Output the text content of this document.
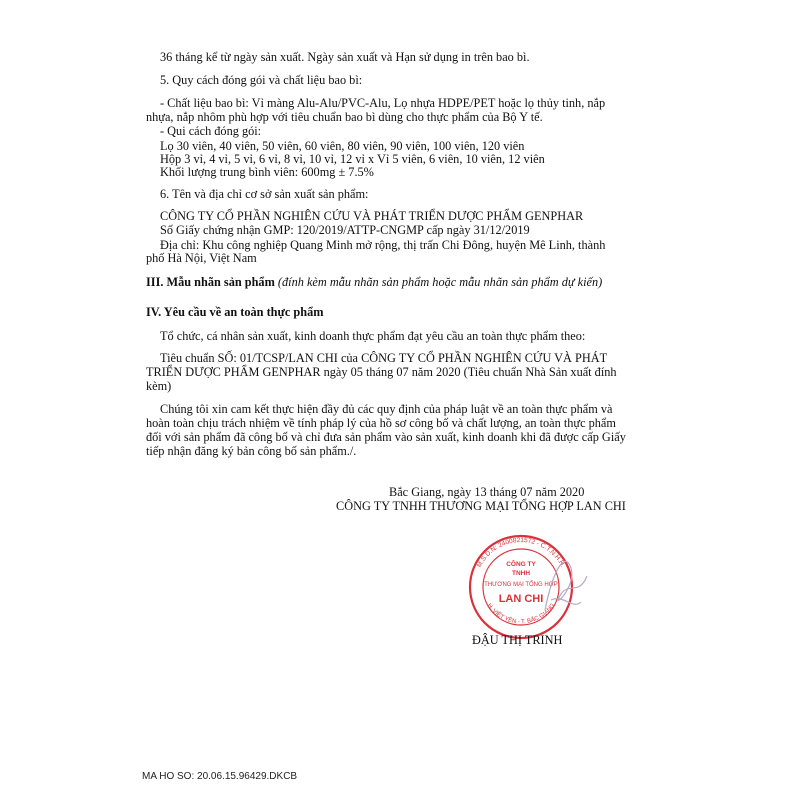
36 tháng kể từ ngày sản xuất. Ngày sản xuất và Hạn sử dụng in trên bao bì.
5. Quy cách đóng gói và chất liệu bao bì:
- Chất liệu bao bì: Vỉ màng Alu-Alu/PVC-Alu, Lọ nhựa HDPE/PET hoặc lọ thủy tinh, nắp
nhựa, nắp nhôm phù hợp với tiêu chuẩn bao bì dùng cho thực phẩm của Bộ Y tế.
- Qui cách đóng gói:
Lọ 30 viên, 40 viên, 50 viên, 60 viên, 80 viên, 90 viên, 100 viên, 120 viên
Hộp 3 vỉ, 4 vỉ, 5 vỉ, 6 vỉ, 8 vỉ, 10 vỉ, 12 vỉ x Vỉ 5 viên, 6 viên, 10 viên, 12 viên
Khối lượng trung bình viên: 600mg ± 7.5%
6. Tên và địa chỉ cơ sở sản xuất sản phẩm:
CÔNG TY CỔ PHẦN NGHIÊN CỨU VÀ PHÁT TRIỂN DƯỢC PHẨM GENPHAR
Số Giấy chứng nhận GMP: 120/2019/ATTP-CNGMP cấp ngày 31/12/2019
Địa chỉ: Khu công nghiệp Quang Minh mở rộng, thị trấn Chi Đông, huyện Mê Linh, thành
phố Hà Nội, Việt Nam
III. Mẫu nhãn sản phẩm (đính kèm mẫu nhãn sản phẩm hoặc mẫu nhãn sản phẩm dự kiến)
IV. Yêu cầu về an toàn thực phẩm
Tổ chức, cá nhân sản xuất, kinh doanh thực phẩm đạt yêu cầu an toàn thực phẩm theo:
Tiêu chuẩn SỐ: 01/TCSP/LAN CHI của CÔNG TY CỔ PHẦN NGHIÊN CỨU VÀ PHÁT
TRIỂN DƯỢC PHẨM GENPHAR ngày 05 tháng 07 năm 2020 (Tiêu chuẩn Nhà Sản xuất đính
kèm)
Chúng tôi xin cam kết thực hiện đầy đủ các quy định của pháp luật về an toàn thực phẩm và
hoàn toàn chịu trách nhiệm về tính pháp lý của hồ sơ công bố và chất lượng, an toàn thực phẩm
đối với sản phẩm đã công bố và chỉ đưa sản phẩm vào sản xuất, kinh doanh khi đã được cấp Giấy
tiếp nhận đăng ký bản công bố sản phẩm./.
Bắc Giang, ngày 13 tháng 07 năm 2020
CÔNG TY TNHH THƯƠNG MẠI TỔNG HỢP LAN CHI
M.S.D.N: 2400821572 - C.T.N.H.H.
H. VIỆT YÊN - T. BẮC GIANG
CÔNG TY
TNHH
THƯƠNG MẠI TỔNG HỢP
LAN CHI
ĐẬU THỊ TRINH
MA HO SO: 20.06.15.96429.DKCB
